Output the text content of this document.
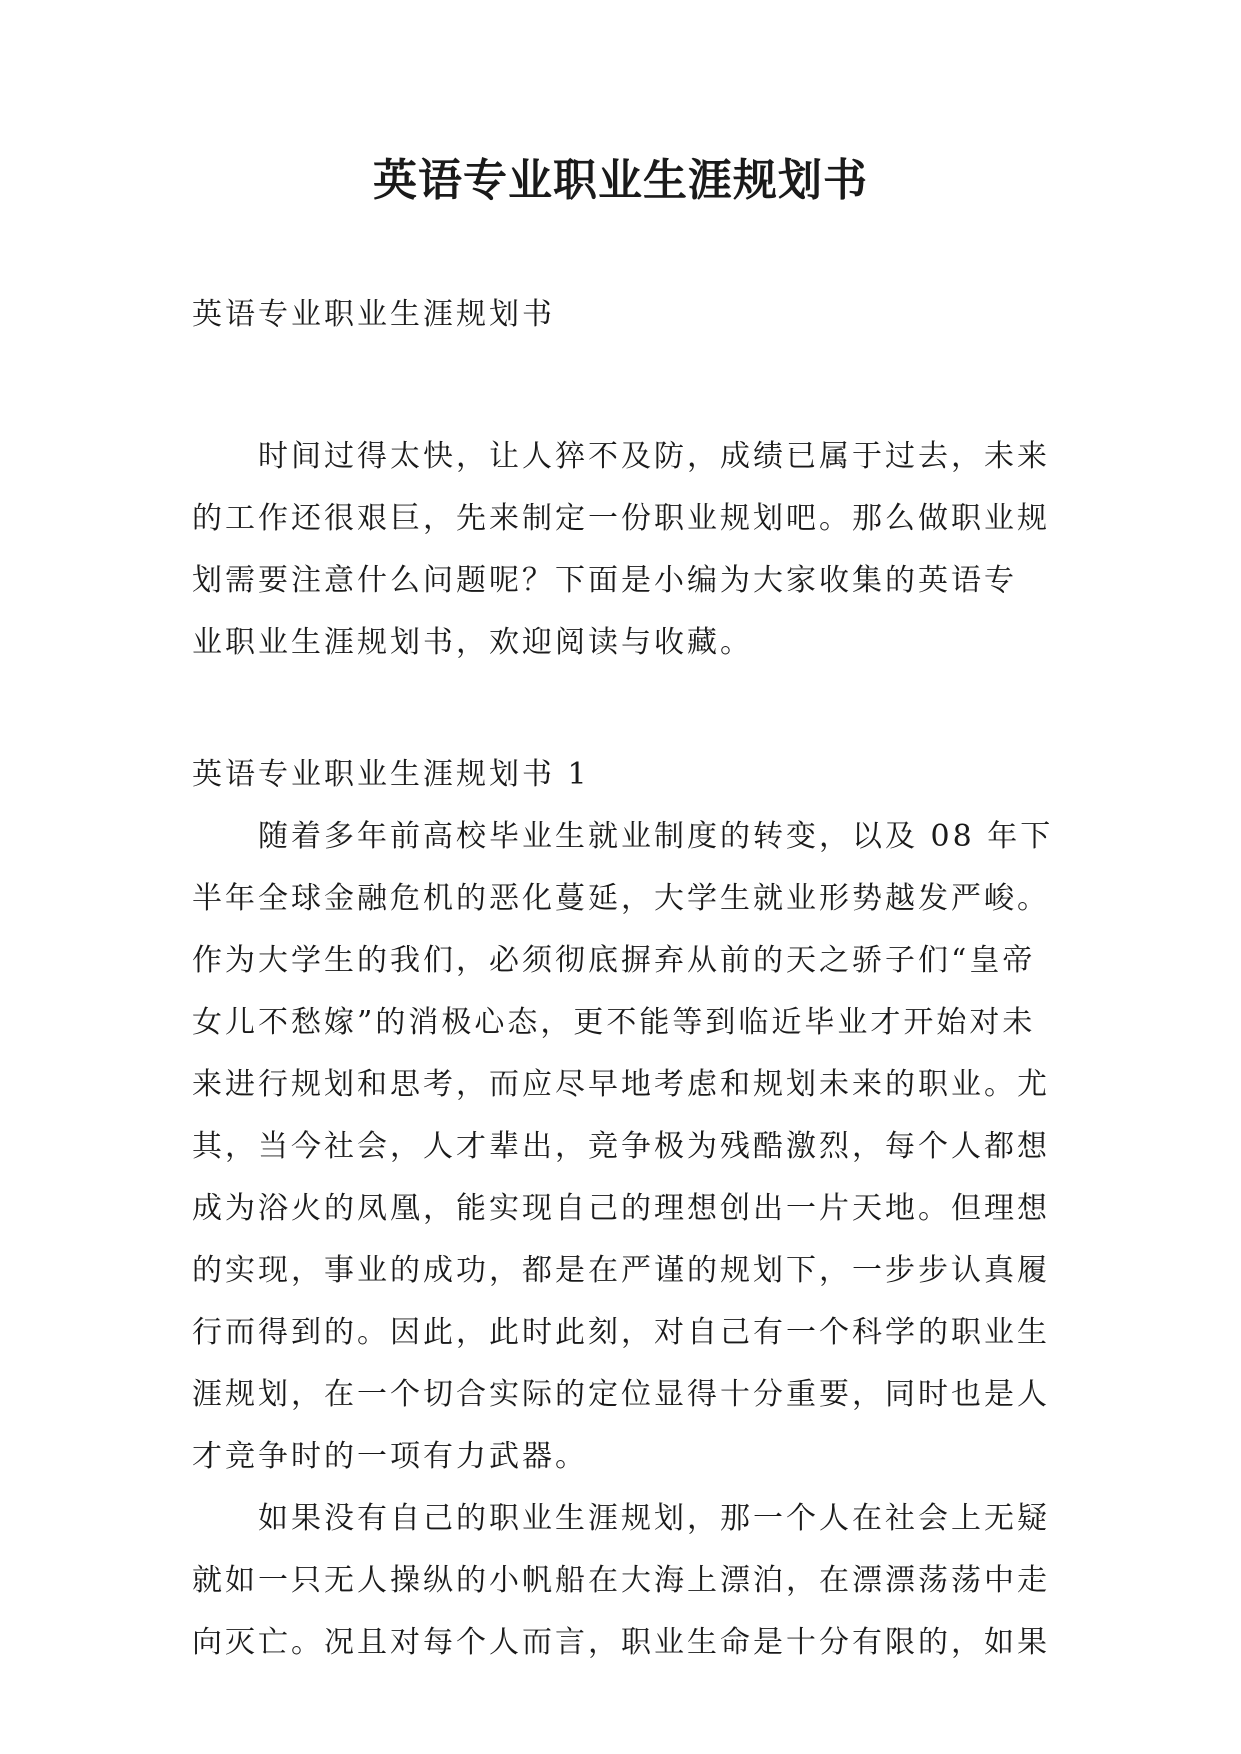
英语专业职业生涯规划书

英语专业职业生涯规划书

　　时间过得太快，让人猝不及防，成绩已属于过去，未来

的工作还很艰巨，先来制定一份职业规划吧。那么做职业规

划需要注意什么问题呢？下面是小编为大家收集的英语专

业职业生涯规划书，欢迎阅读与收藏。

英语专业职业生涯规划书 1

　　随着多年前高校毕业生就业制度的转变，以及 08 年下

半年全球金融危机的恶化蔓延，大学生就业形势越发严峻。

作为大学生的我们，必须彻底摒弃从前的天之骄子们“皇帝

女儿不愁嫁”的消极心态，更不能等到临近毕业才开始对未

来进行规划和思考，而应尽早地考虑和规划未来的职业。尤

其，当今社会，人才辈出，竞争极为残酷激烈，每个人都想

成为浴火的凤凰，能实现自己的理想创出一片天地。但理想

的实现，事业的成功，都是在严谨的规划下，一步步认真履

行而得到的。因此，此时此刻，对自己有一个科学的职业生

涯规划，在一个切合实际的定位显得十分重要，同时也是人

才竞争时的一项有力武器。

　　如果没有自己的职业生涯规划，那一个人在社会上无疑

就如一只无人操纵的小帆船在大海上漂泊，在漂漂荡荡中走

向灭亡。况且对每个人而言，职业生命是十分有限的，如果
